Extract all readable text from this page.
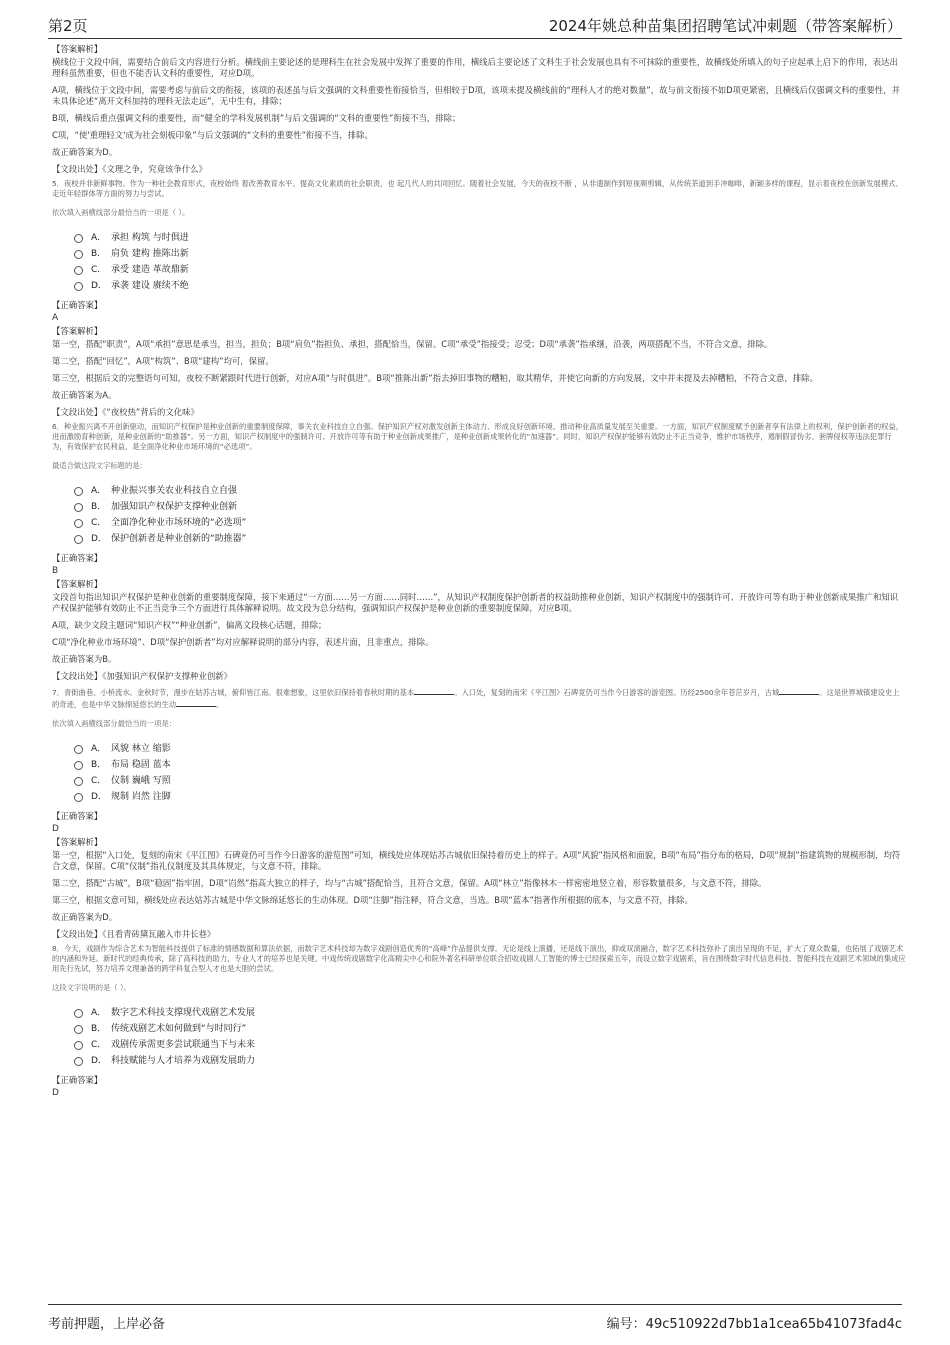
第2页	2024年姚总种苗集团招聘笔试冲刺题（带答案解析）
【答案解析】
横线位于文段中间，需要结合前后文内容进行分析。横线前主要论述的是理科生在社会发展中发挥了重要的作用，横线后主要论述了文科生于社会发展也具有不可抹除的重要性，故横线处所填入的句子应起承上启下的作用，表达出理科虽然重要，但也不能否认文科的重要性，对应D项。
A项，横线位于文段中间，需要考虑与前后文的衔接，该项的表述虽与后文强调的文科重要性衔接恰当，但相较于D项，该项未提及横线前的“理科人才的绝对数量”，故与前文衔接不如D项更紧密，且横线后仅强调文科的重要性，并未具体论述“离开文科加持的理科无法走远”，无中生有，排除；
B项，横线后重点强调文科的重要性，而“健全的学科发展机制”与后文强调的“文科的重要性”衔接不当，排除；
C项，“使'重理轻文'成为社会刻板印象”与后文强调的“文科的重要性”衔接不当，排除。
故正确答案为D。
【文段出处】《文理之争，究竟该争什么》
5．夜校并非新鲜事物。作为一种社会教育形式，夜校始终 着改善教育水平、提高文化素质的社会职责，也 起几代人的共同回忆。随着社会发展，今天的夜校不断 ，从非遗制作到短视频剪辑，从传统茶道到手冲咖啡，新颖多样的课程，显示着夜校在创新发展模式、走近年轻群体等方面的努力与尝试。
依次填入画横线部分最恰当的一项是（ ）。
A． 承担 构筑 与时俱进
B． 肩负 建构 推陈出新
C． 承受 建造 革故鼎新
D． 承袭 建设 赓续不绝
【正确答案】
A
【答案解析】
第一空，搭配“职责”，A项“承担”意思是承当，担当，担负；B项“肩负”指担负、承担，搭配恰当，保留。C项“承受”指接受；忍受；D项“承袭”指承继，沿袭，两项搭配不当，不符合文意，排除。
第二空，搭配“回忆”，A项“构筑”、B项“建构”均可，保留。
第三空，根据后文的完整语句可知，夜校不断紧跟时代进行创新，对应A项“与时俱进”。B项“推陈出新”指去掉旧事物的糟粕，取其精华，并使它向新的方向发展，文中并未提及去掉糟粕，不符合文意，排除。
故正确答案为A。
【文段出处】《“夜校热”背后的文化味》
6．种业振兴离不开创新驱动，而知识产权保护是种业创新的重要制度保障，事关农业科技自立自强。保护知识产权对激发创新主体动力、形成良好创新环境、推动种业高质量发展至关重要。一方面，知识产权制度赋予创新者享有法律上的权利，保护创新者的权益，进而激励育种创新，是种业创新的“助推器”。另一方面，知识产权制度中的强制许可、开放许可等有助于种业创新成果推广，是种业创新成果转化的“加速器”。同时，知识产权保护能够有效防止不正当竞争，维护市场秩序，遏制假冒伪劣、套牌侵权等违法犯罪行为，有效保护农民利益，是全面净化种业市场环境的“必选项”。
最适合做这段文字标题的是：
A． 种业振兴事关农业科技自立自强
B． 加强知识产权保护支撑种业创新
C． 全面净化种业市场环境的“必选项”
D． 保护创新者是种业创新的“助推器”
【正确答案】
B
【答案解析】
文段首句指出知识产权保护是种业创新的重要制度保障，接下来通过“一方面……另一方面……同时……”，从知识产权制度保护创新者的权益助推种业创新，知识产权制度中的强制许可、开放许可等有助于种业创新成果推广和知识产权保护能够有效防止不正当竞争三个方面进行具体解释说明。故文段为总分结构，强调知识产权保护是种业创新的重要制度保障，对应B项。
A项，缺少文段主题词“知识产权”“种业创新”，偏离文段核心话题，排除；
C项“净化种业市场环境”、D项“保护创新者”均对应解释说明的部分内容，表述片面，且非重点，排除。
故正确答案为B。
【文段出处】《加强知识产权保护支撑种业创新》
7．青街曲巷、小桥流水。金秋时节，漫步在姑苏古城，俯仰皆江南。很难想象，这里依旧保持着春秋时期的基本	。入口处，复刻的南宋《平江图》石碑竟仍可当作今日游客的游览图。历经2500余年苍茫岁月，古城	。这是世界城镇建设史上的奇迹，也是中华文脉绵延悠长的生动	。
依次填入画横线部分最恰当的一项是：
A． 风貌 林立 缩影
B． 布局 稳固 蓝本
C． 仪制 巍峨 写照
D． 规制 岿然 注脚
【正确答案】
D
【答案解析】
第一空，根据“入口处，复刻的南宋《平江图》石碑竟仍可当作今日游客的游览图”可知，横线处应体现姑苏古城依旧保持着历史上的样子。A项“风貌”指风格和面貌，B项“布局”指分布的格局，D项“规制”指建筑物的规模形制，均符合文意，保留。C项“仪制”指礼仪制度及其具体规定，与文意不符，排除。
第二空，搭配“古城”，B项“稳固”指牢固，D项“岿然”指高大独立的样子，均与“古城”搭配恰当，且符合文意，保留。A项“林立”指像林木一样密密地竖立着，形容数量很多，与文意不符，排除。
第三空，根据文意可知，横线处应表达姑苏古城是中华文脉绵延悠长的生动体现。D项“注脚”指注释，符合文意，当选。B项“蓝本”指著作所根据的底本，与文意不符，排除。
故正确答案为D。
【文段出处】《且看青砖黛瓦融入市井长巷》
8．今天，戏剧作为综合艺术为智能科技提供了标准的情感数据和算法依据，而数字艺术科技却为数字戏剧创造优秀的“高峰”作品提供支撑。无论是线上演播，还是线下演出，抑或双演融合，数字艺术科技弥补了演出呈现的不足，扩大了观众数量，也拓展了戏剧艺术的内涵和外延。新时代的经典传承，除了高科技的助力，专业人才的培养也是关键。中戏传统戏剧数字化高精尖中心和院外著名科研单位联合招收戏剧人工智能的博士已经探索五年，而设立数字戏剧系，旨在围绕数字时代信息科技、智能科技在戏剧艺术领域的集成应用先行先试，努力培养文理兼备的跨学科复合型人才也是大胆的尝试。
这段文字说明的是（ ）。
A． 数字艺术科技支撑现代戏剧艺术发展
B． 传统戏剧艺术如何做到“与时同行”
C． 戏剧传承需更多尝试联通当下与未来
D． 科技赋能与人才培养为戏剧发展助力
【正确答案】
D
考前押题，上岸必备	编号：49c510922d7bb1a1cea65b41073fad4c
